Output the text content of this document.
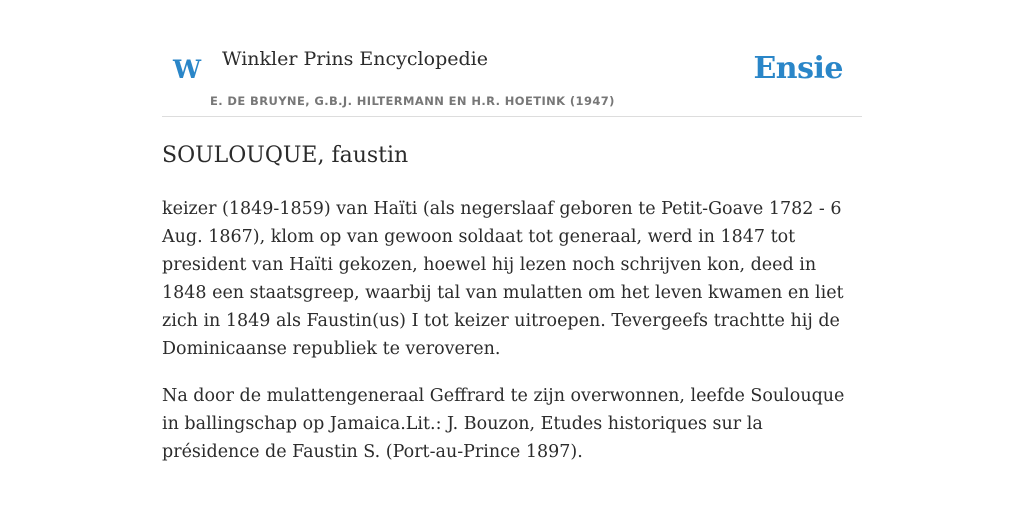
W Winkler Prins Encyclopedie
E. DE BRUYNE, G.B.J. HILTERMANN EN H.R. HOETINK (1947)
Ensie
SOULOUQUE, faustin

keizer (1849-1859) van Haïti (als negerslaaf geboren te Petit-Goave 1782 - 6 Aug. 1867), klom op van gewoon soldaat tot generaal, werd in 1847 tot president van Haïti gekozen, hoewel hij lezen noch schrijven kon, deed in 1848 een staatsgreep, waarbij tal van mulatten om het leven kwamen en liet zich in 1849 als Faustin(us) I tot keizer uitroepen. Tevergeefs trachtte hij de Dominicaanse republiek te veroveren.

Na door de mulattengeneraal Geffrard te zijn overwonnen, leefde Soulouque in ballingschap op Jamaica.Lit.: J. Bouzon, Etudes historiques sur la présidence de Faustin S. (Port-au-Prince 1897).
